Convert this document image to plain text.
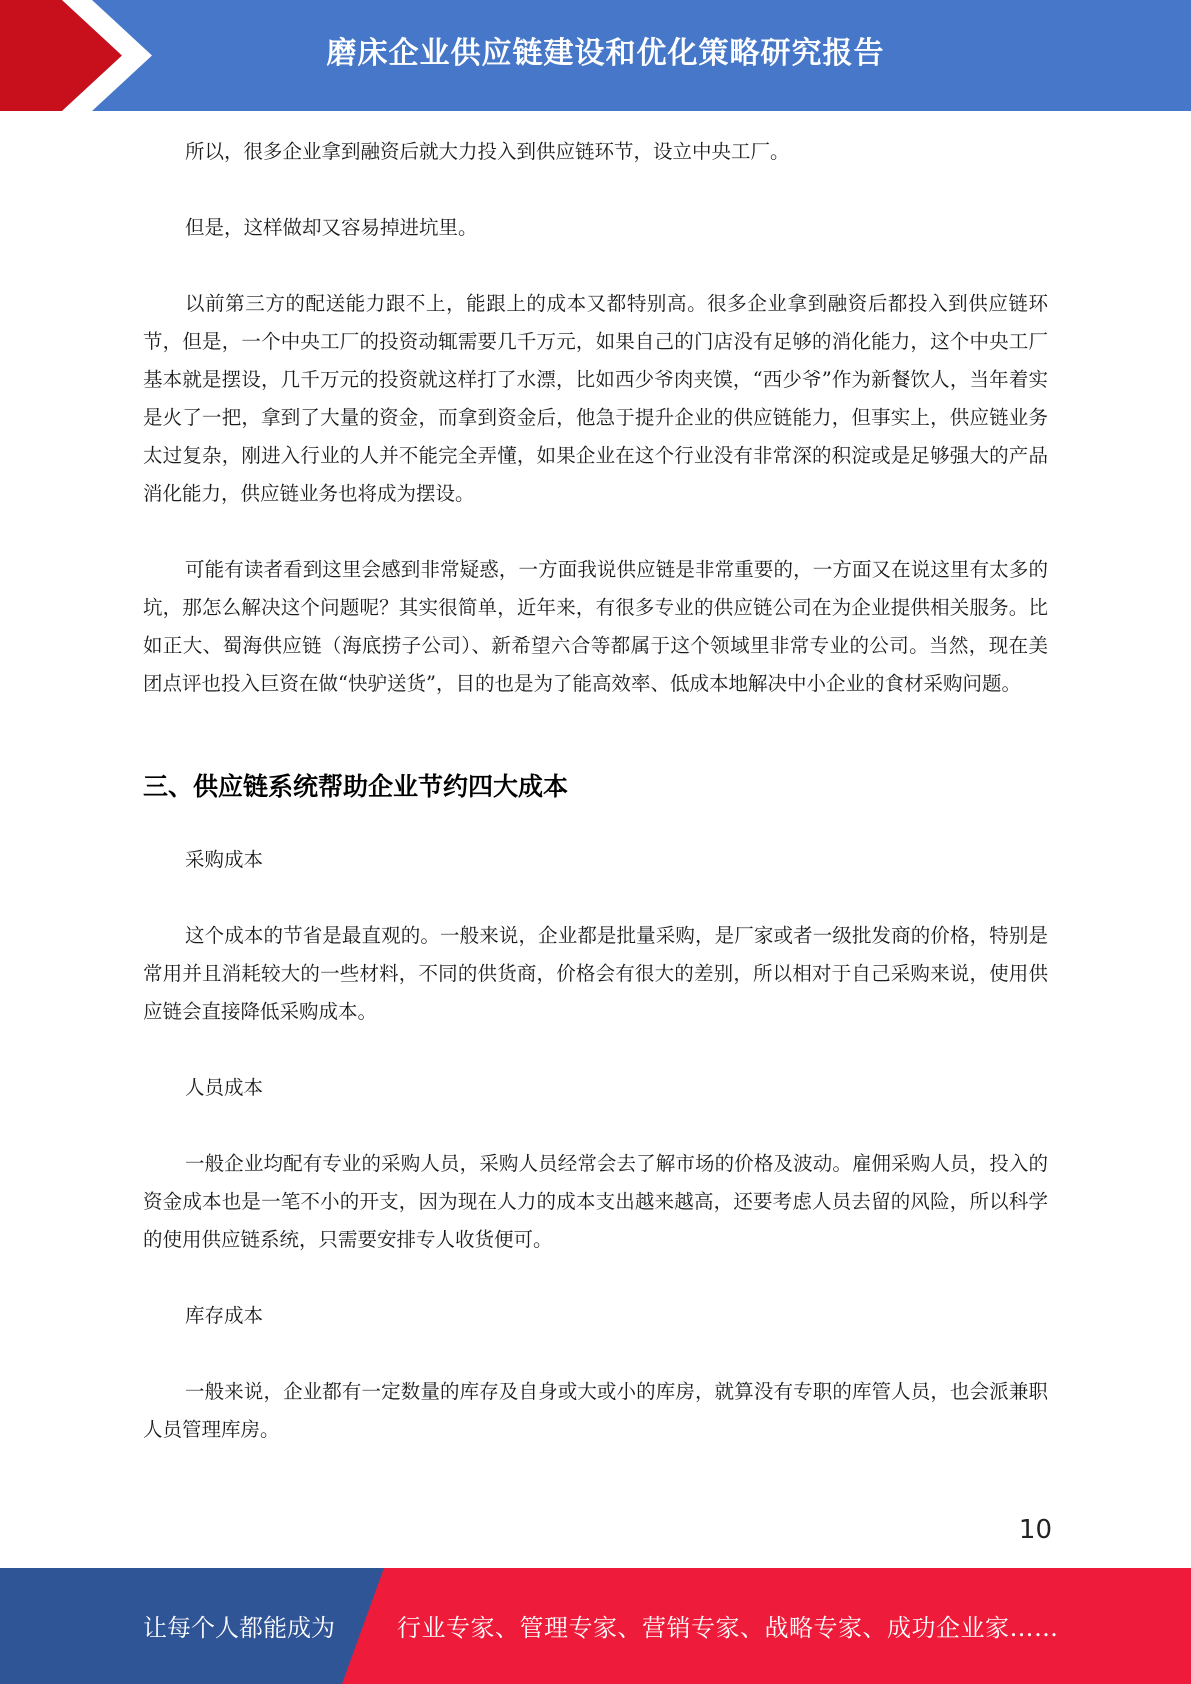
磨床企业供应链建设和优化策略研究报告

所以，很多企业拿到融资后就大力投入到供应链环节，设立中央工厂。

但是，这样做却又容易掉进坑里。

以前第三方的配送能力跟不上，能跟上的成本又都特别高。很多企业拿到融资后都投入到供应链环节，但是，一个中央工厂的投资动辄需要几千万元，如果自己的门店没有足够的消化能力，这个中央工厂基本就是摆设，几千万元的投资就这样打了水漂，比如西少爷肉夹馍，“西少爷”作为新餐饮人，当年着实是火了一把，拿到了大量的资金，而拿到资金后，他急于提升企业的供应链能力，但事实上，供应链业务太过复杂，刚进入行业的人并不能完全弄懂，如果企业在这个行业没有非常深的积淀或是足够强大的产品消化能力，供应链业务也将成为摆设。

可能有读者看到这里会感到非常疑惑，一方面我说供应链是非常重要的，一方面又在说这里有太多的坑，那怎么解决这个问题呢？其实很简单，近年来，有很多专业的供应链公司在为企业提供相关服务。比如正大、蜀海供应链（海底捞子公司）、新希望六合等都属于这个领域里非常专业的公司。当然，现在美团点评也投入巨资在做“快驴送货”，目的也是为了能高效率、低成本地解决中小企业的食材采购问题。

三、供应链系统帮助企业节约四大成本

采购成本

这个成本的节省是最直观的。一般来说，企业都是批量采购，是厂家或者一级批发商的价格，特别是常用并且消耗较大的一些材料，不同的供货商，价格会有很大的差别，所以相对于自己采购来说，使用供应链会直接降低采购成本。

人员成本

一般企业均配有专业的采购人员，采购人员经常会去了解市场的价格及波动。雇佣采购人员，投入的资金成本也是一笔不小的开支，因为现在人力的成本支出越来越高，还要考虑人员去留的风险，所以科学的使用供应链系统，只需要安排专人收货便可。

库存成本

一般来说，企业都有一定数量的库存及自身或大或小的库房，就算没有专职的库管人员，也会派兼职人员管理库房。

10
让每个人都能成为	行业专家、管理专家、营销专家、战略专家、成功企业家……
